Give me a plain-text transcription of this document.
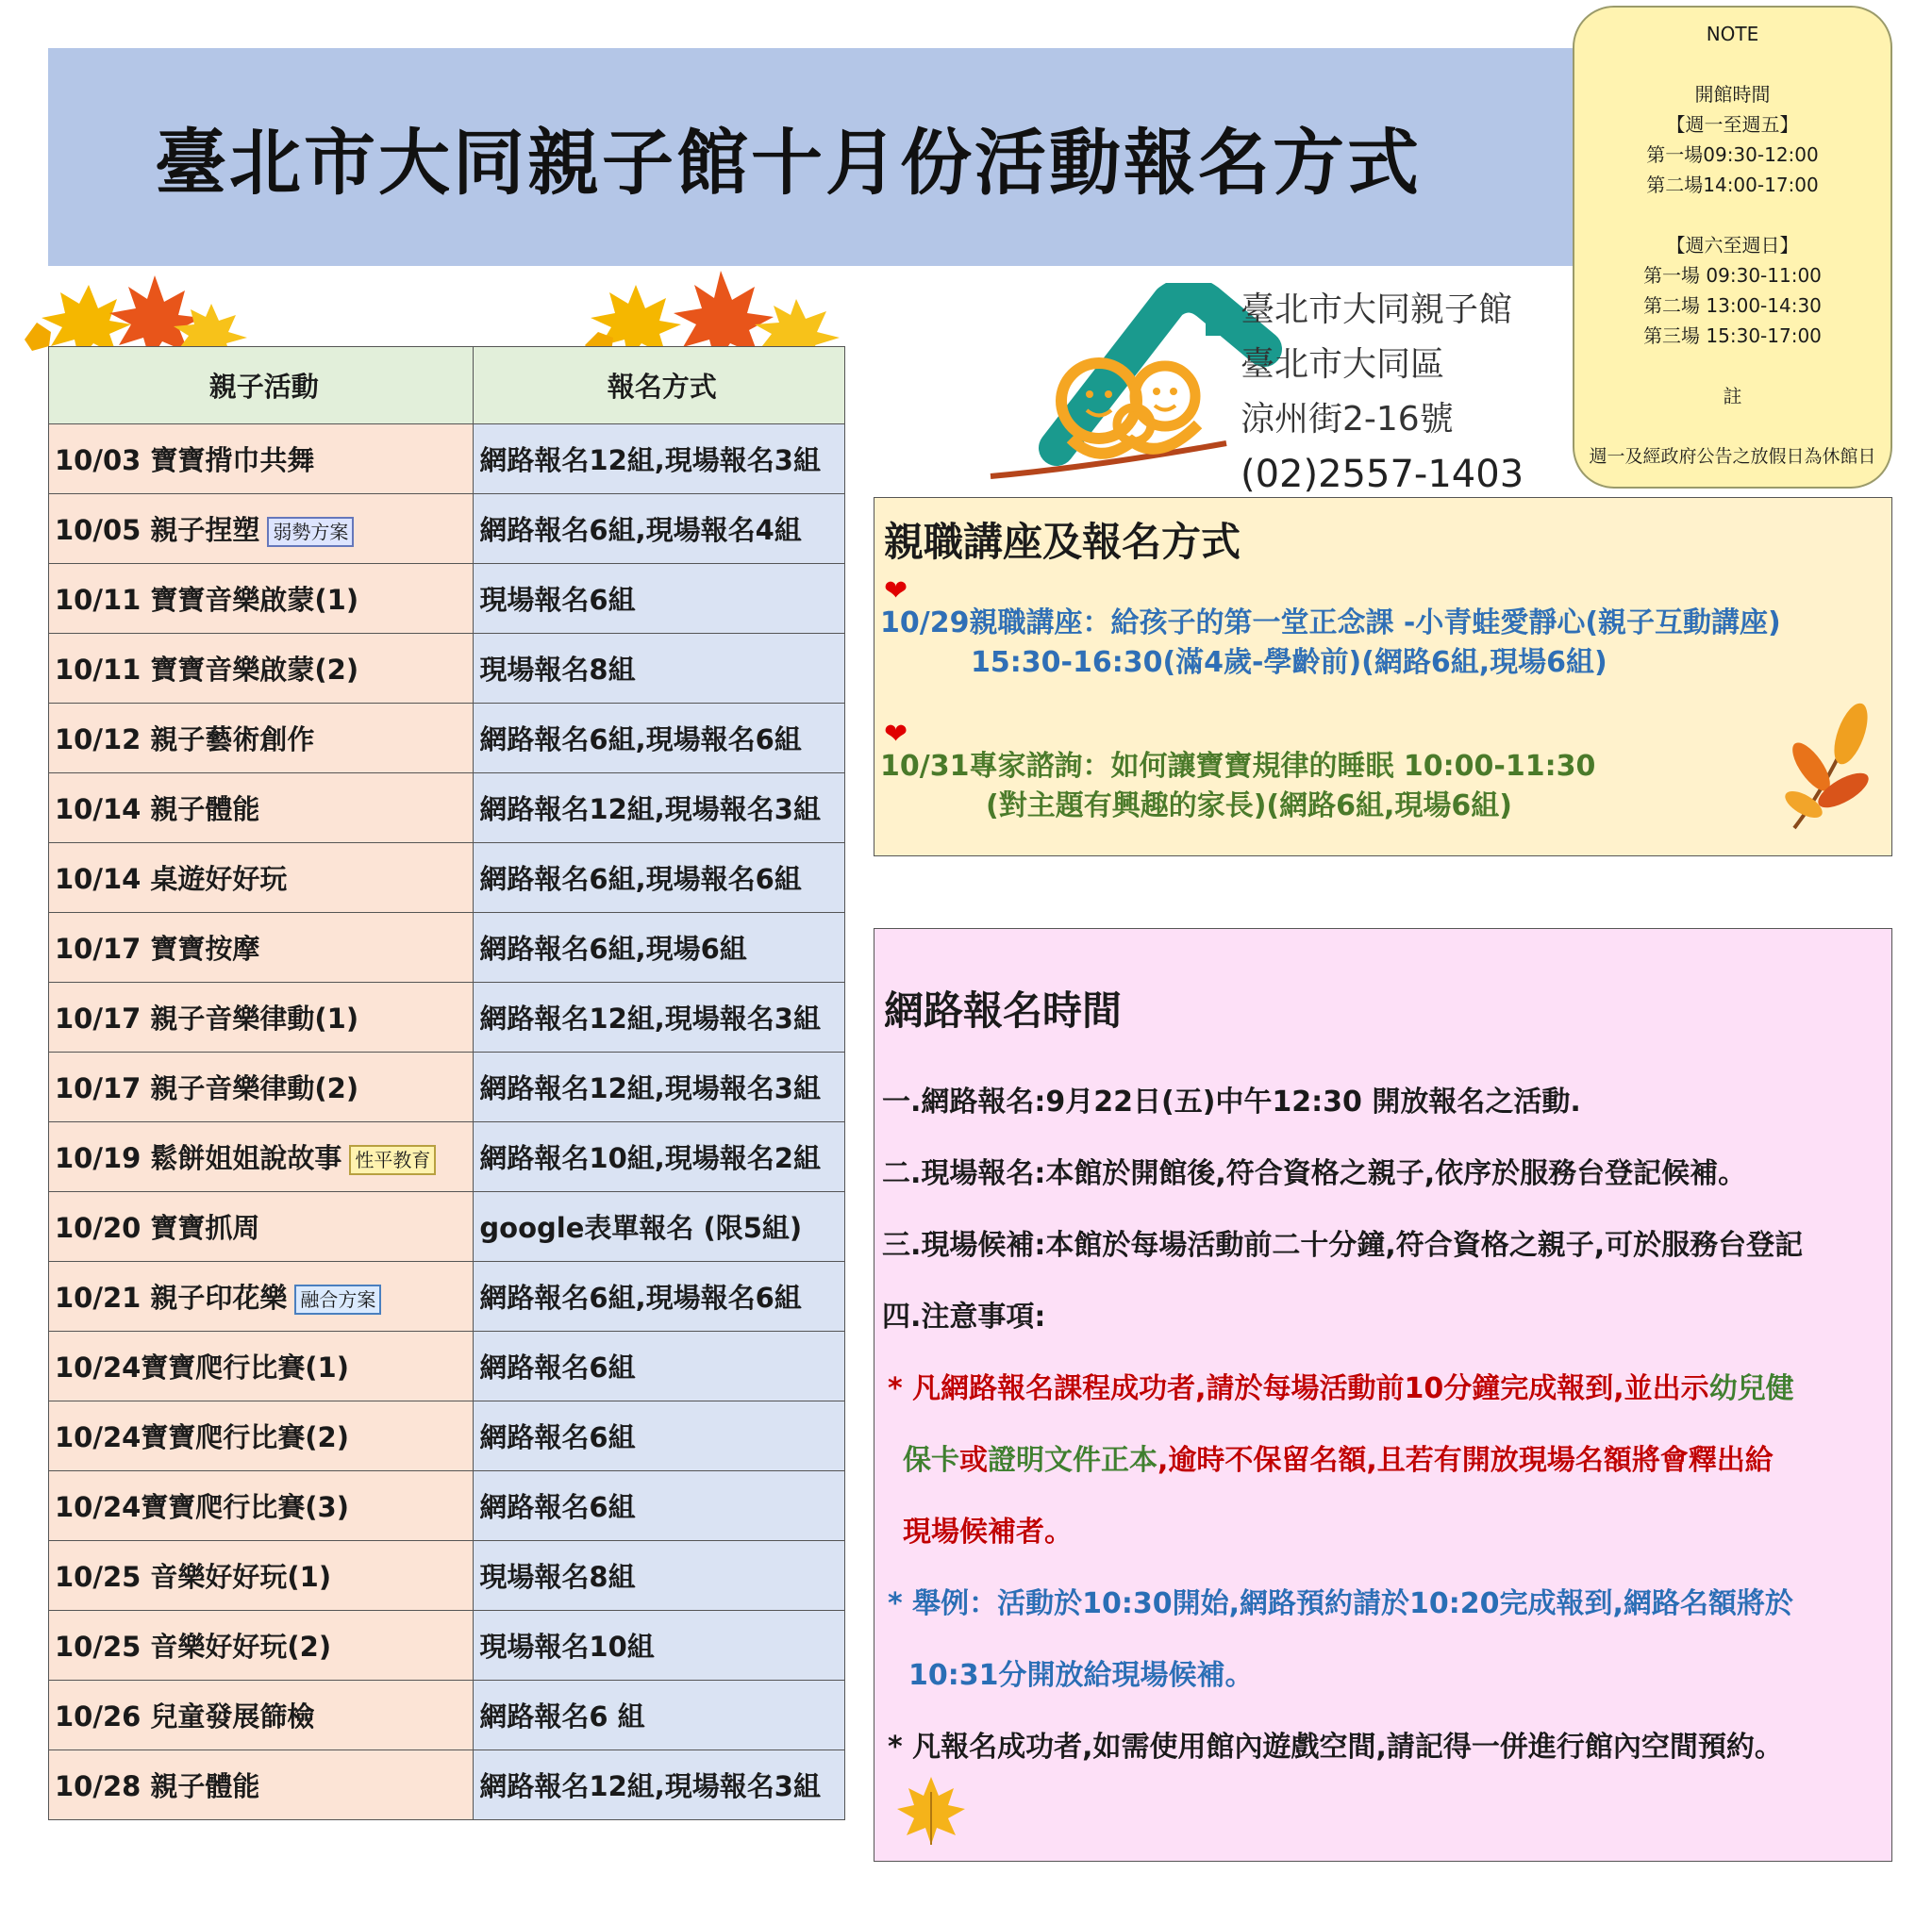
臺北市大同親子館十月份活動報名方式
NOTE
開館時間
【週一至週五】
第一場09:30-12:00
第二場14:00-17:00
【週六至週日】
第一場 09:30-11:00
第二場 13:00-14:30
第三場 15:30-17:00
註
週一及經政府公告之放假日為休館日
親子活動	報名方式
10/03 寶寶揹巾共舞	網路報名12組,現場報名3組
10/05 親子捏塑 弱勢方案	網路報名6組,現場報名4組
10/11 寶寶音樂啟蒙(1)	現場報名6組
10/11 寶寶音樂啟蒙(2)	現場報名8組
10/12 親子藝術創作	網路報名6組,現場報名6組
10/14 親子體能	網路報名12組,現場報名3組
10/14 桌遊好好玩	網路報名6組,現場報名6組
10/17 寶寶按摩	網路報名6組,現場6組
10/17 親子音樂律動(1)	網路報名12組,現場報名3組
10/17 親子音樂律動(2)	網路報名12組,現場報名3組
10/19 鬆餅姐姐說故事 性平教育	網路報名10組,現場報名2組
10/20 寶寶抓周	google表單報名 (限5組)
10/21 親子印花樂 融合方案	網路報名6組,現場報名6組
10/24寶寶爬行比賽(1)	網路報名6組
10/24寶寶爬行比賽(2)	網路報名6組
10/24寶寶爬行比賽(3)	網路報名6組
10/25 音樂好好玩(1)	現場報名8組
10/25 音樂好好玩(2)	現場報名10組
10/26 兒童發展篩檢	網路報名6 組
10/28 親子體能	網路報名12組,現場報名3組
臺北市大同親子館
臺北市大同區
涼州街2-16號
(02)2557-1403
親職講座及報名方式
❤
10/29親職講座：給孩子的第一堂正念課 -小青蛙愛靜心(親子互動講座)
15:30-16:30(滿4歲-學齡前)(網路6組,現場6組)
❤
10/31專家諮詢：如何讓寶寶規律的睡眠 10:00-11:30
(對主題有興趣的家長)(網路6組,現場6組)
網路報名時間
一.網路報名:9月22日(五)中午12:30 開放報名之活動.
二.現場報名:本館於開館後,符合資格之親子,依序於服務台登記候補。
三.現場候補:本館於每場活動前二十分鐘,符合資格之親子,可於服務台登記
四.注意事項:
* 凡網路報名課程成功者,請於每場活動前10分鐘完成報到,並出示幼兒健
保卡或證明文件正本,逾時不保留名額,且若有開放現場名額將會釋出給
現場候補者。
* 舉例：活動於10:30開始,網路預約請於10:20完成報到,網路名額將於
10:31分開放給現場候補。
* 凡報名成功者,如需使用館內遊戲空間,請記得一併進行館內空間預約。
